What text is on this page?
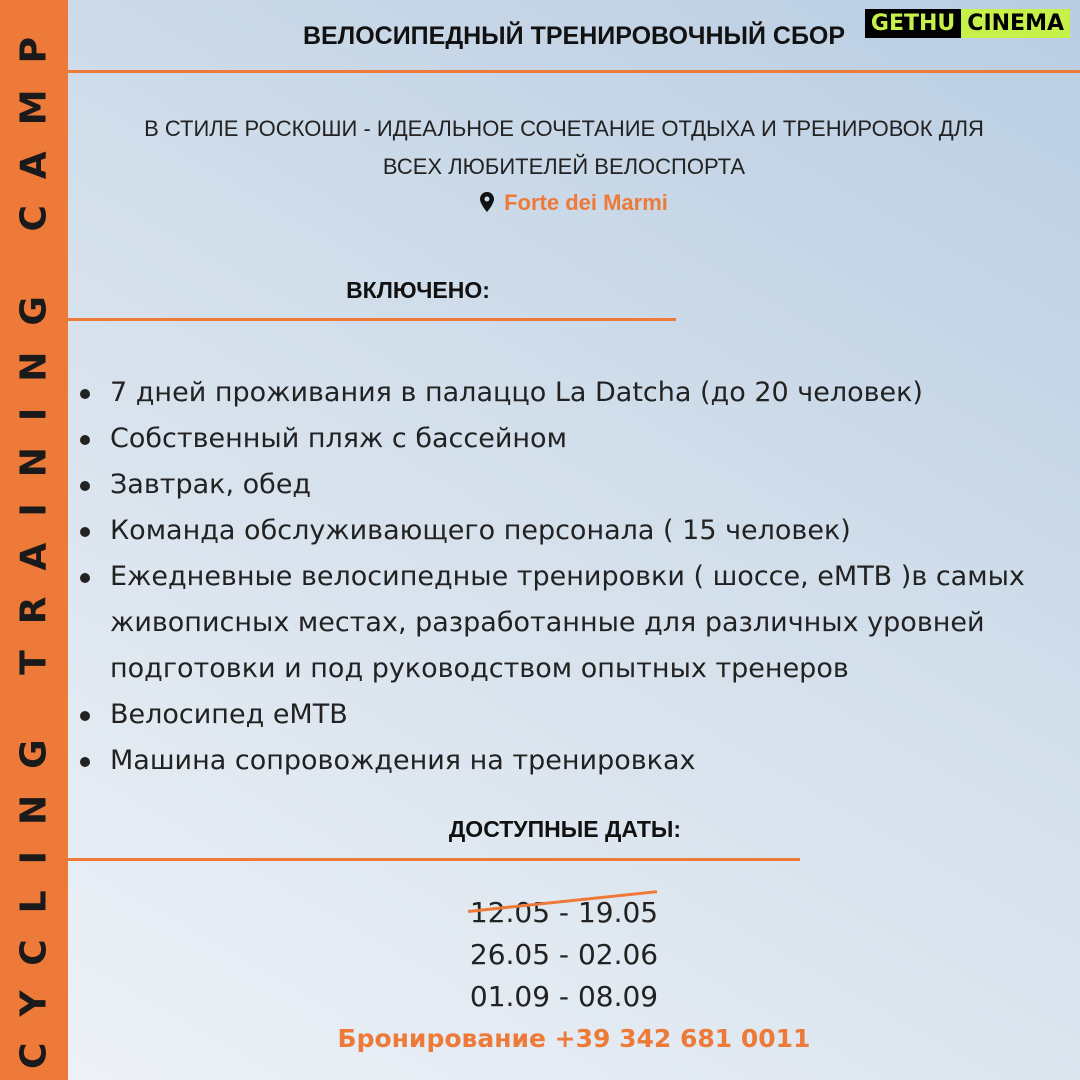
CYCLING TRAINING CAMP	GETHU CINEMA
ВЕЛОСИПЕДНЫЙ ТРЕНИРОВОЧНЫЙ СБОР
В СТИЛЕ РОСКОШИ - ИДЕАЛЬНОЕ СОЧЕТАНИЕ ОТДЫХА И ТРЕНИРОВОК ДЛЯ ВСЕХ ЛЮБИТЕЛЕЙ ВЕЛОСПОРТА
Forte dei Marmi
ВКЛЮЧЕНО:
7 дней проживания в палаццо La Datcha (до 20 человек)
Собственный пляж с бассейном
Завтрак, обед
Команда обслуживающего персонала ( 15 человек)
Ежедневные велосипедные тренировки ( шоссе, eMTB )в самых живописных местах, разработанные для различных уровней подготовки и под руководством опытных тренеров
Велосипед eMTB
Машина сопровождения на тренировках
ДОСТУПНЫЕ ДАТЫ:
12.05 - 19.05
26.05 - 02.06
01.09 - 08.09
Бронирование +39 342 681 0011
